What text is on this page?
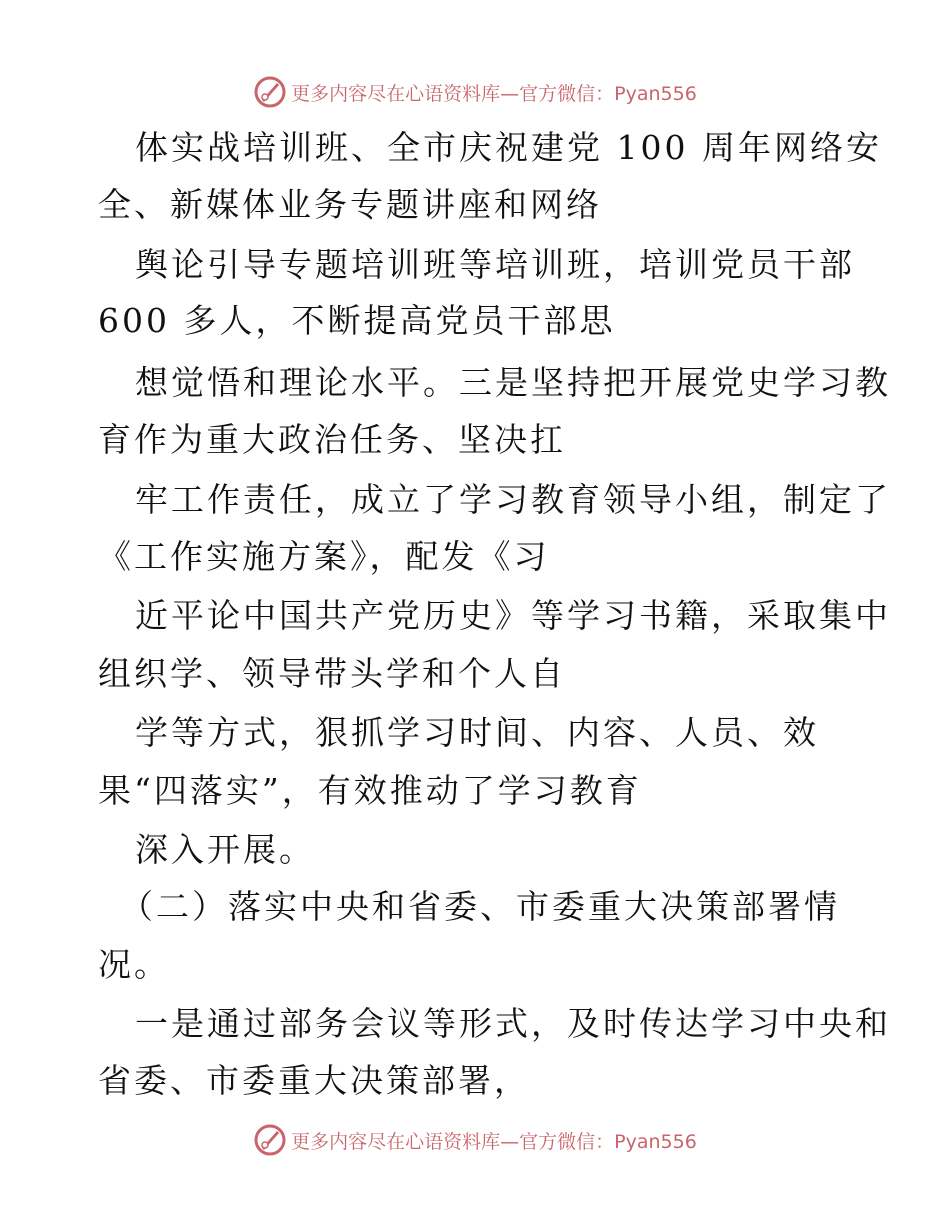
更多内容尽在心语资料库—官方微信：Pyan556
体实战培训班、全市庆祝建党 100 周年网络安
全、新媒体业务专题讲座和网络
舆论引导专题培训班等培训班，培训党员干部
600 多人，不断提高党员干部思
想觉悟和理论水平。三是坚持把开展党史学习教
育作为重大政治任务、坚决扛
牢工作责任，成立了学习教育领导小组，制定了
《工作实施方案》，配发《习
近平论中国共产党历史》等学习书籍，采取集中
组织学、领导带头学和个人自
学等方式，狠抓学习时间、内容、人员、效
果“四落实”，有效推动了学习教育
深入开展。
（二）落实中央和省委、市委重大决策部署情
况。
一是通过部务会议等形式，及时传达学习中央和
省委、市委重大决策部署，
更多内容尽在心语资料库—官方微信：Pyan556
